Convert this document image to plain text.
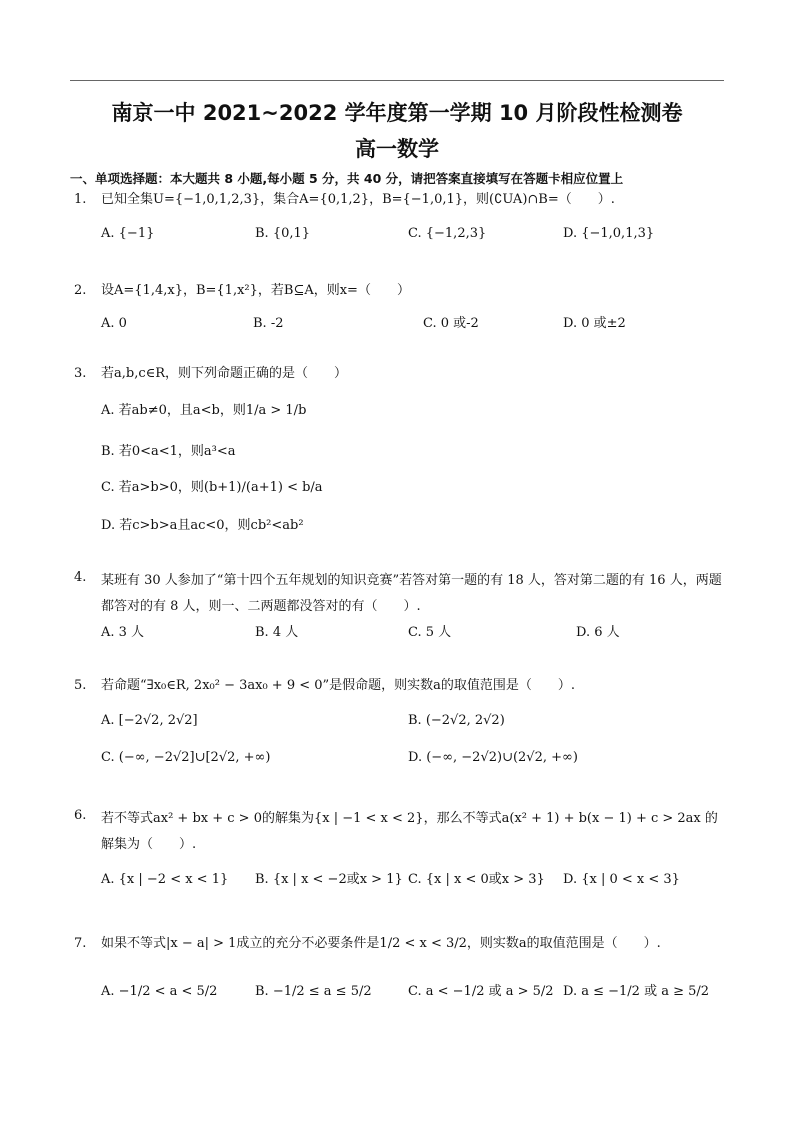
南京一中 2021~2022 学年度第一学期 10 月阶段性检测卷
高一数学
一、单项选择题：本大题共 8 小题,每小题 5 分，共 40 分，请把答案直接填写在答题卡相应位置上
1.	已知全集U={−1,0,1,2,3}，集合A={0,1,2}，B={−1,0,1}，则(∁UA)∩B=（　　）.
A. {−1}	B. {0,1}	C. {−1,2,3}	D. {−1,0,1,3}
2.	设A={1,4,x}，B={1,x²}，若B⊆A，则x=（　　）
A. 0	B. -2	C. 0 或-2	D. 0 或±2
3.	若a,b,c∈R，则下列命题正确的是（　　）
A. 若ab≠0，且a<b，则1/a > 1/b
B. 若0<a<1，则a³<a
C. 若a>b>0，则(b+1)/(a+1) < b/a
D. 若c>b>a且ac<0，则cb²<ab²
4.	某班有 30 人参加了“第十四个五年规划的知识竞赛”若答对第一题的有 18 人，答对第二题的有 16 人，两题都答对的有 8 人，则一、二两题都没答对的有（　　）.
A. 3 人	B. 4 人	C. 5 人	D. 6 人
5.	若命题“∃x₀∈R, 2x₀² − 3ax₀ + 9 < 0”是假命题，则实数a的取值范围是（　　）.
A. [−2√2, 2√2]	B. (−2√2, 2√2)
C. (−∞, −2√2]∪[2√2, +∞)	D. (−∞, −2√2)∪(2√2, +∞)
6.	若不等式ax² + bx + c > 0的解集为{x | −1 < x < 2}，那么不等式a(x² + 1) + b(x − 1) + c > 2ax 的解集为（　　）.
A. {x | −2 < x < 1} B. {x | x < −2或x > 1} C. {x | x < 0或x > 3} D. {x | 0 < x < 3}
7.	如果不等式|x − a| > 1成立的充分不必要条件是1/2 < x < 3/2，则实数a的取值范围是（　　）.
A. −1/2 < a < 5/2	B. −1/2 ≤ a ≤ 5/2	C. a < −1/2 或 a > 5/2 D. a ≤ −1/2 或 a ≥ 5/2
